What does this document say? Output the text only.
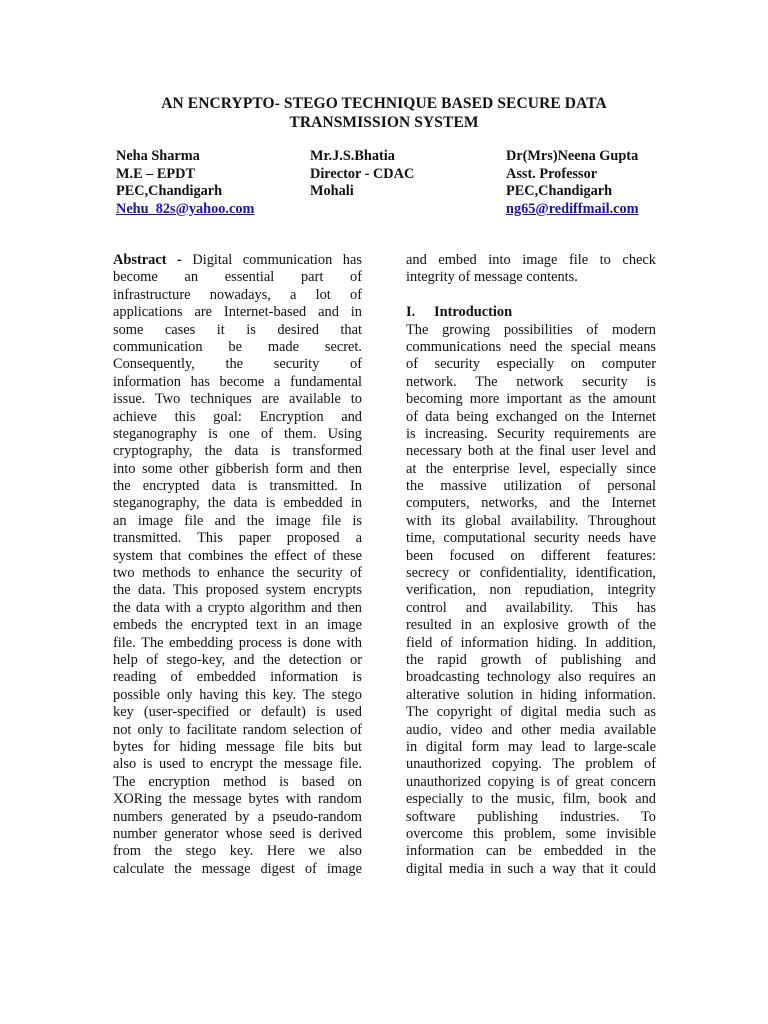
AN ENCRYPTO- STEGO TECHNIQUE BASED SECURE DATA
TRANSMISSION SYSTEM
Neha Sharma
M.E – EPDT
PEC,Chandigarh
Nehu_82s@yahoo.com
Mr.J.S.Bhatia
Director - CDAC
Mohali
Dr(Mrs)Neena Gupta
Asst. Professor
PEC,Chandigarh
ng65@rediffmail.com
Abstract - Digital communication has
become an essential part of
infrastructure nowadays, a lot of
applications are Internet-based and in
some cases it is desired that
communication be made secret.
Consequently, the security of
information has become a fundamental
issue. Two techniques are available to
achieve this goal: Encryption and
steganography is one of them. Using
cryptography, the data is transformed
into some other gibberish form and then
the encrypted data is transmitted. In
steganography, the data is embedded in
an image file and the image file is
transmitted. This paper proposed a
system that combines the effect of these
two methods to enhance the security of
the data. This proposed system encrypts
the data with a crypto algorithm and then
embeds the encrypted text in an image
file. The embedding process is done with
help of stego-key, and the detection or
reading of embedded information is
possible only having this key. The stego
key (user-specified or default) is used
not only to facilitate random selection of
bytes for hiding message file bits but
also is used to encrypt the message file.
The encryption method is based on
XORing the message bytes with random
numbers generated by a pseudo-random
number generator whose seed is derived
from the stego key. Here we also
calculate the message digest of image
and embed into image file to check
integrity of message contents.
I. Introduction
The growing possibilities of modern
communications need the special means
of security especially on computer
network. The network security is
becoming more important as the amount
of data being exchanged on the Internet
is increasing. Security requirements are
necessary both at the final user level and
at the enterprise level, especially since
the massive utilization of personal
computers, networks, and the Internet
with its global availability. Throughout
time, computational security needs have
been focused on different features:
secrecy or confidentiality, identification,
verification, non repudiation, integrity
control and availability. This has
resulted in an explosive growth of the
field of information hiding. In addition,
the rapid growth of publishing and
broadcasting technology also requires an
alterative solution in hiding information.
The copyright of digital media such as
audio, video and other media available
in digital form may lead to large-scale
unauthorized copying. The problem of
unauthorized copying is of great concern
especially to the music, film, book and
software publishing industries. To
overcome this problem, some invisible
information can be embedded in the
digital media in such a way that it could
